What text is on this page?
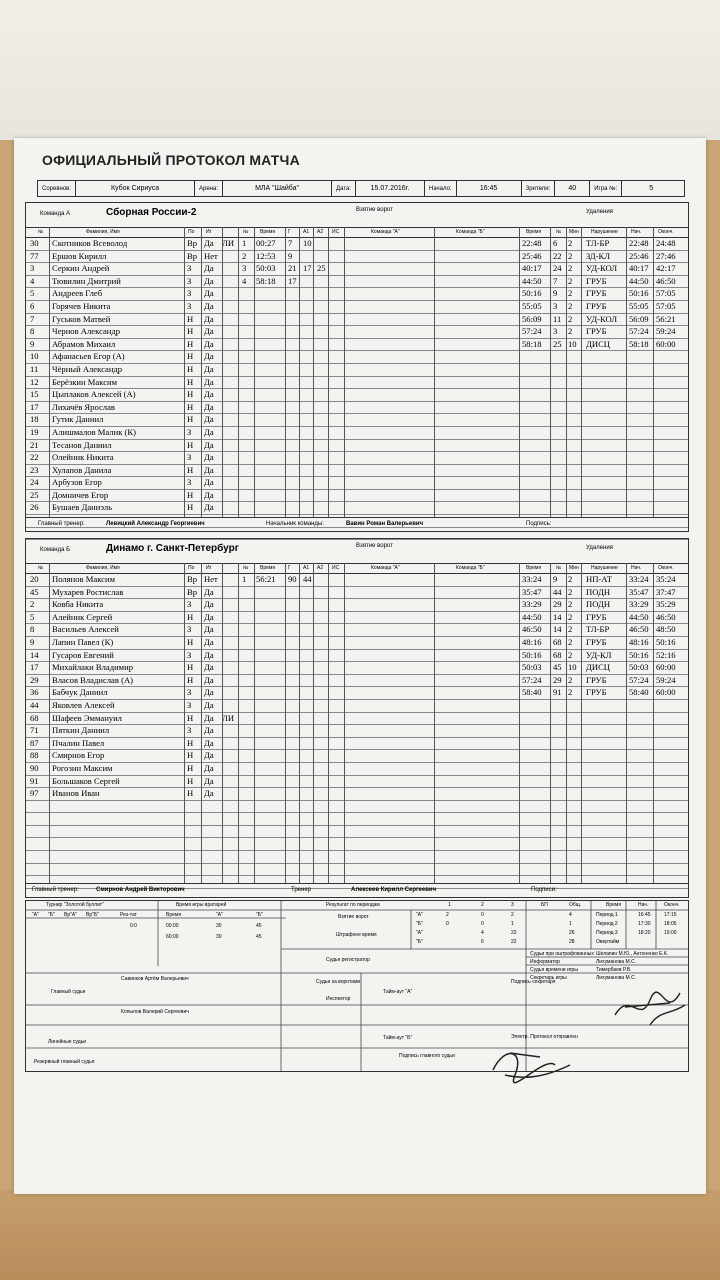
ОФИЦИАЛЬНЫЙ ПРОТОКОЛ МАТЧА
Соревнов:	Кубок Сириуса	Арена:	МЛА "Шайба"	Дата:	15.07.2016г.	Начало:	16:45	Зрители:	40	Игра №:	5
Команда А	Сборная России-2	Взятие ворот	Удаления
№	Фамилия, Имя	По Иг	№ Время	Г А1 А2 ИС	Команда "А"	Команда "Б"	Время	№ Мин Нарушение	Нач.	Оконч.
30 Скотников Всеволод	Вр Да ЛИ 1 00:27 7 10	22:48 6 2 ТЛ-БР 22:48 24:48
77 Ершов Кирилл	Вр Нет	2 12:53 9	25:46 22 2 ЗД-КЛ 25:46 27:46
3 Серкин Андрей	З Да	3 50:03 21 17 25	40:17 24 2 УД-КОЛ 40:17 42:17
4 Тювилин Дмитрий	З Да	4 58:18 17	44:50 7 2 ГРУБ	44:50 46:50
5 Андреев Глеб	З Да	50:16 9 2 ГРУБ	50:16 57:05
6 Горячев Никита	З Да	55:05 3 2 ГРУБ	55:05 57:05
7 Гуськов Матвей	Н Да	56:09 11 2 УД-КОЛ 56:09 56:21
8 Чернов Александр	Н Да	57:24 3 2 ГРУБ	57:24 59:24
9 Абрамов Михаил	Н Да	58:18 25 10 ДИСЦ 58:18 60:00
10 Афанасьев Егор (А)	Н Да
11 Чёрный Александр	Н Да
12 Берёзкин Максим	Н Да
15 Цыплаков Алексей (А)	Н Да
17 Лихачёв Ярослав	Н Да
18 Гутик Даниил	Н Да
19 Алишмалов Малик (К)	З Да
21 Тесанов Даниил	Н Да
22 Олейник Никита	З Да
23 Хулапов Данила	Н Да
24 Арбузов Егор	З Да
25 Домничев Егор	Н Да
26 Бушаев Даниэль	Н Да
Главный тренер:	Левицкий Александр Георгиевич	Начальник команды:	Вавин Роман Валерьевич	Подпись:
Команда Б	Динамо г. Санкт-Петербург	Взятие ворот	Удаления
№	Фамилия, Имя	По Иг	№ Время	Г А1 А2 ИС	Команда "А"	Команда "Б"	Время	№ Мин Нарушение	Нач.	Оконч.
20 Полянов Максим	Вр Нет	1 56:21 90 44	33:24 9 2 НП-АТ 33:24 35:24
45 Мухарев Ростислав	Вр Да	35:47 44 2 ПОДН 35:47 37:47
2 Ковба Никита	З Да	33:29 29 2 ПОДН 33:29 35:29
5 Алейник Сергей	Н Да	44:50 14 2 ГРУБ	44:50 46:50
8 Васильев Алексей	З Да	46:50 14 2 ТЛ-БР 46:50 48:50
9 Лапин Павел (К)	Н Да	48:16 68 2 ГРУБ	48:16 50:16
14 Гусаров Евгений	З Да	50:16 68 2 УД-КЛ 50:16 52:16
17 Михайлаки Владимир	Н Да	50:03 45 10 ДИСЦ 50:03 60:00
29 Власов Владислав (А)	Н Да	57:24 29 2 ГРУБ	57:24 59:24
36 Бабчук Даниил	З Да	58:40 91 2 ГРУБ	58:40 60:00
44 Яковлев Алексей	З Да
68 Шафеев Эммануил	Н Да ЛИ
71 Пяткин Даниил	З Да
87 Пчалин Павел	Н Да
88 Смирнов Егор	Н Да
90 Рогозин Максим	Н Да
91 Большаков Сергей	Н Да
97 Иванов Иван	Н Да
Главный тренер:	Смирнов Андрей Викторович	Тренер	Алексеев Кирилл Сергеевич	Подписи:
Турнир "Золотой буллит"
"А" "Б" Вр"А" Вр"Б"	Рез-тат
0:0
Время игры вратарей
Время	"А"	"Б"
00:00	30	45
60:00	30	45
Результат по периодам	1	2	3	БП	Общ.
Взятие ворот
Штрафное время
"А"
"Б"
"А"
"Б"
2	0	2	4
0	0	1	1
4	22	26
6	22	28
Время	Нач.	Оконч.
Период 1	16:45	17:15
Период 2	17:30	18:05
Период 3	18:20	19:00
Овертайм
Судья регистратор
Судьи за воротами
Инспектор
Судьи при оштрафованных Шелапин М.Ю., Антоненко Е.К.
Информатор	Лихуманова М.С.
Судья времени игры	Тимербаев Р.В.
Секретарь игры	Лихуманова М.С.
Главный судья
Савинков Артём Валерьевич
Линейные судьи
Копылов Валерий Сергеевич
Резервный главный судья
Тайм-аут "А"
Тайм-аут "Б"
Подпись секретаря
Электр. Протокол отправлен
Подпись главного судьи
